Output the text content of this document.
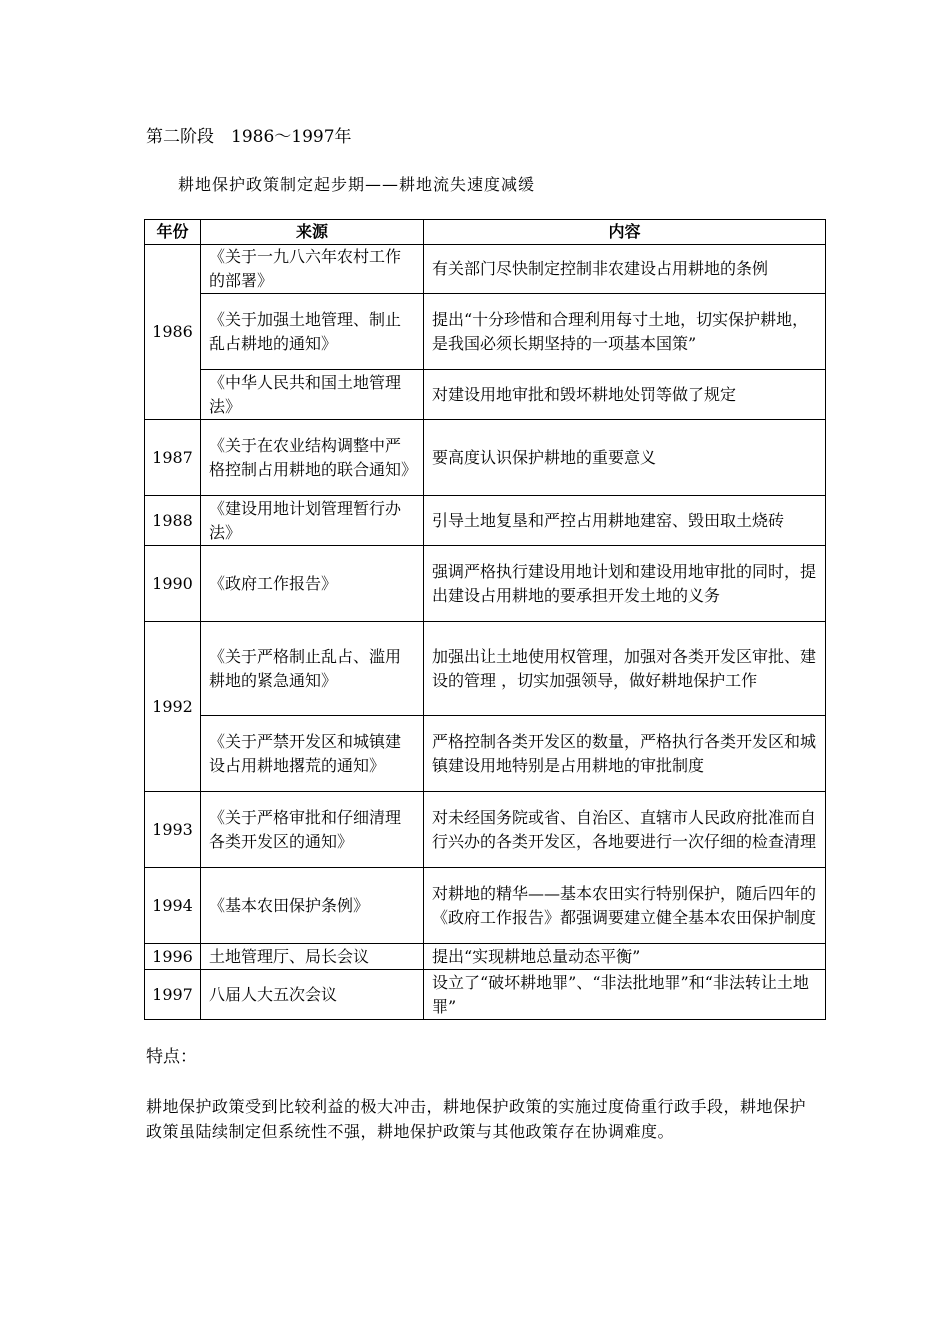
第二阶段　1986～1997年
耕地保护政策制定起步期——耕地流失速度减缓
年份	来源	内容
1986	《关于一九八六年农村工作的部署》	有关部门尽快制定控制非农建设占用耕地的条例
	《关于加强土地管理、制止乱占耕地的通知》	提出“十分珍惜和合理利用每寸土地，切实保护耕地，是我国必须长期坚持的一项基本国策”
	《中华人民共和国土地管理法》	对建设用地审批和毁坏耕地处罚等做了规定
1987	《关于在农业结构调整中严格控制占用耕地的联合通知》	要高度认识保护耕地的重要意义
1988	《建设用地计划管理暂行办法》	引导土地复垦和严控占用耕地建窑、毁田取土烧砖
1990	《政府工作报告》	强调严格执行建设用地计划和建设用地审批的同时，提出建设占用耕地的要承担开发土地的义务
1992	《关于严格制止乱占、滥用耕地的紧急通知》	加强出让土地使用权管理，加强对各类开发区审批、建设的管理 ，切实加强领导，做好耕地保护工作
	《关于严禁开发区和城镇建设占用耕地撂荒的通知》	严格控制各类开发区的数量，严格执行各类开发区和城镇建设用地特别是占用耕地的审批制度
1993	《关于严格审批和仔细清理各类开发区的通知》	对未经国务院或省、自治区、直辖市人民政府批准而自行兴办的各类开发区，各地要进行一次仔细的检查清理
1994	《基本农田保护条例》	对耕地的精华——基本农田实行特别保护，随后四年的《政府工作报告》都强调要建立健全基本农田保护制度
1996	土地管理厅、局长会议	提出“实现耕地总量动态平衡”
1997	八届人大五次会议	设立了“破坏耕地罪”、“非法批地罪”和“非法转让土地罪”
特点：
耕地保护政策受到比较利益的极大冲击，耕地保护政策的实施过度倚重行政手段，耕地保护政策虽陆续制定但系统性不强，耕地保护政策与其他政策存在协调难度。
